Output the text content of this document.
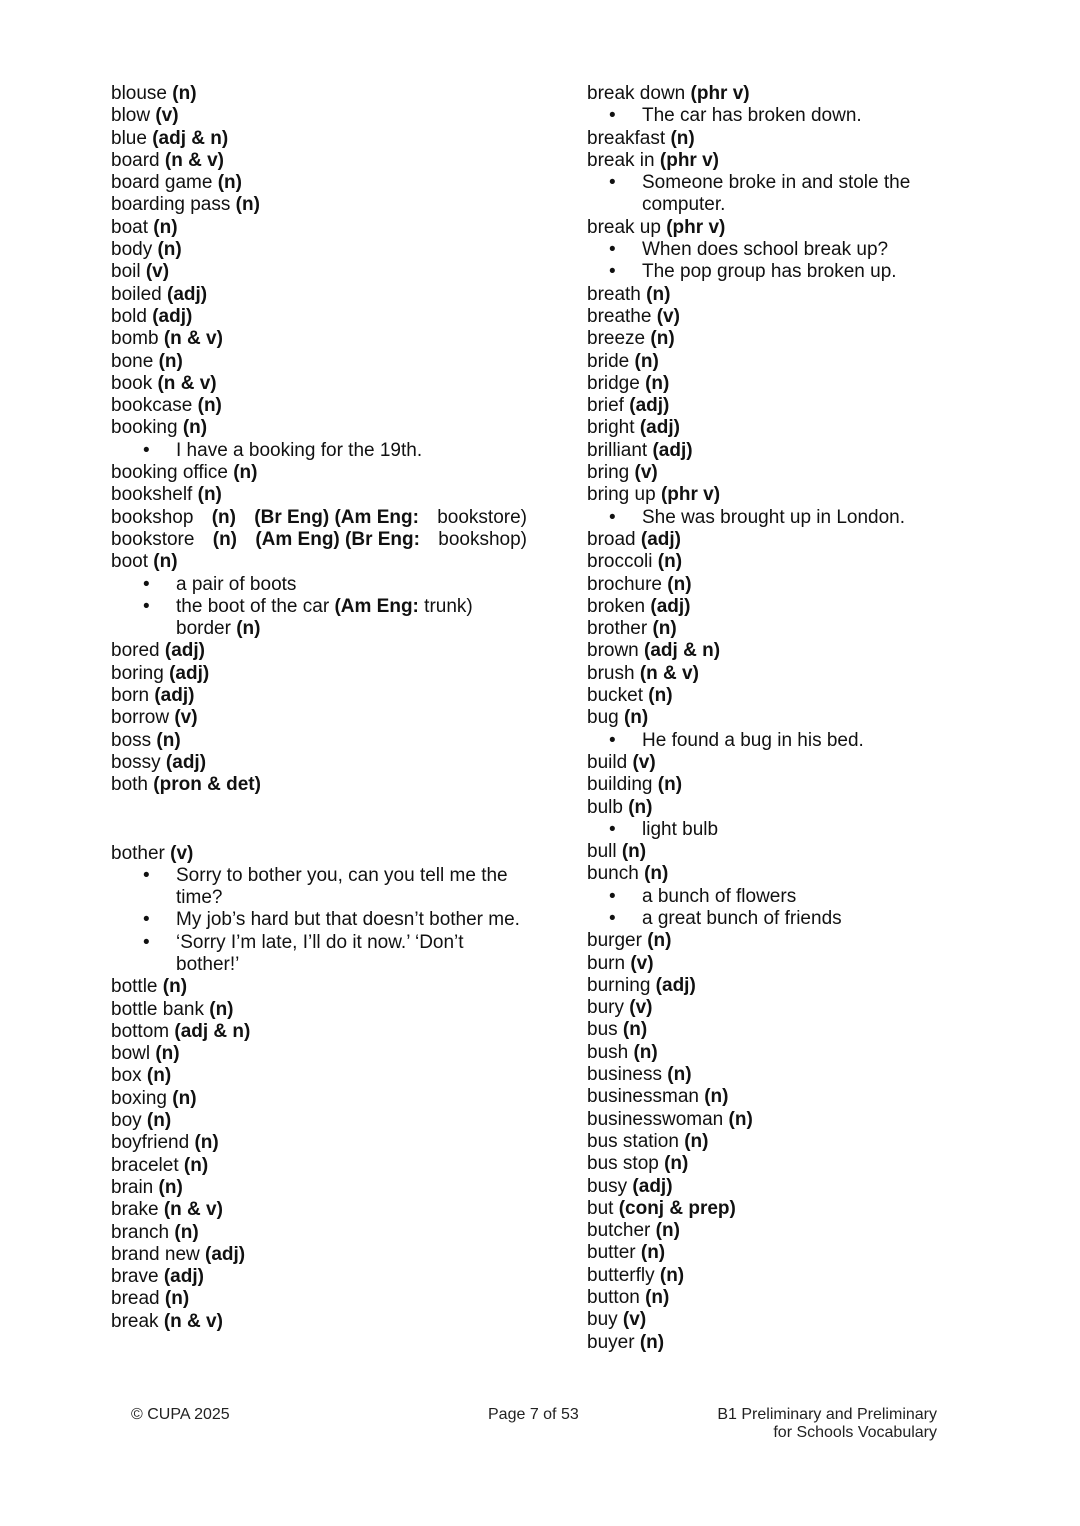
blouse (n)
blow (v)
blue (adj & n)
board (n & v)
board game (n)
boarding pass (n)
boat (n)
body (n)
boil (v)
boiled (adj)
bold (adj)
bomb (n & v)
bone (n)
book (n & v)
bookcase (n)
booking (n)
• I have a booking for the 19th.
booking office (n)
bookshelf (n)
bookshop (n) (Br Eng) (Am Eng: bookstore)
bookstore (n) (Am Eng) (Br Eng: bookshop)
boot (n)
• a pair of boots
• the boot of the car (Am Eng: trunk)
border (n)
bored (adj)
boring (adj)
born (adj)
borrow (v)
boss (n)
bossy (adj)
both (pron & det)
bother (v)
• Sorry to bother you, can you tell me the time?
• My job’s hard but that doesn’t bother me.
• ‘Sorry I’m late, I’ll do it now.’ ‘Don’t bother!’
bottle (n)
bottle bank (n)
bottom (adj & n)
bowl (n)
box (n)
boxing (n)
boy (n)
boyfriend (n)
bracelet (n)
brain (n)
brake (n & v)
branch (n)
brand new (adj)
brave (adj)
bread (n)
break (n & v)
break down (phr v)
• The car has broken down.
breakfast (n)
break in (phr v)
• Someone broke in and stole the computer.
break up (phr v)
• When does school break up?
• The pop group has broken up.
breath (n)
breathe (v)
breeze (n)
bride (n)
bridge (n)
brief (adj)
bright (adj)
brilliant (adj)
bring (v)
bring up (phr v)
• She was brought up in London.
broad (adj)
broccoli (n)
brochure (n)
broken (adj)
brother (n)
brown (adj & n)
brush (n & v)
bucket (n)
bug (n)
• He found a bug in his bed.
build (v)
building (n)
bulb (n)
• light bulb
bull (n)
bunch (n)
• a bunch of flowers
• a great bunch of friends
burger (n)
burn (v)
burning (adj)
bury (v)
bus (n)
bush (n)
business (n)
businessman (n)
businesswoman (n)
bus station (n)
bus stop (n)
busy (adj)
but (conj & prep)
butcher (n)
butter (n)
butterfly (n)
button (n)
buy (v)
buyer (n)
© CUPA 2025	Page 7 of 53	B1 Preliminary and Preliminary
for Schools Vocabulary
